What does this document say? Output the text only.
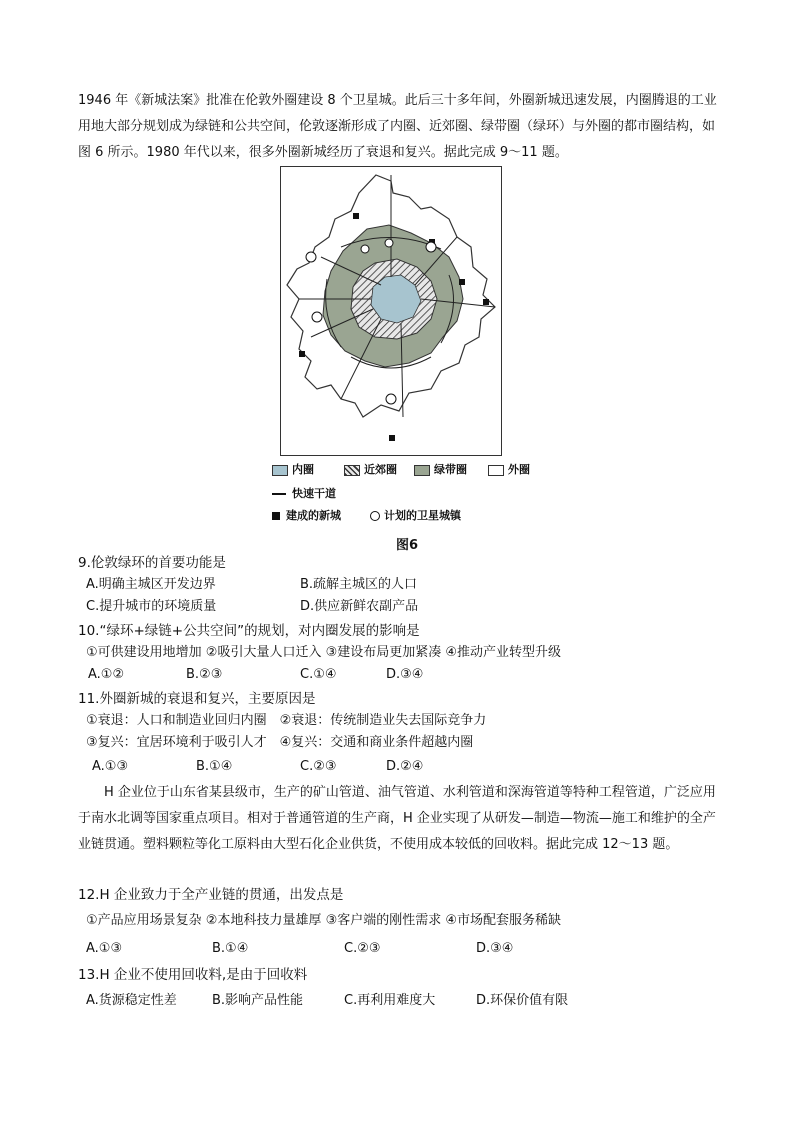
1946 年《新城法案》批准在伦敦外圈建设 8 个卫星城。此后三十多年间，外圈新城迅速发展，内圈腾退的工业用地大部分规划成为绿链和公共空间，伦敦逐渐形成了内圈、近郊圈、绿带圈（绿环）与外圈的都市圈结构，如图 6 所示。1980 年代以来，很多外圈新城经历了衰退和复兴。据此完成 9～11 题。
内圈	近郊圈	绿带圈	外圈
快速干道
建成的新城	计划的卫星城镇
图6
9.伦敦绿环的首要功能是
A.明确主城区开发边界	B.疏解主城区的人口
C.提升城市的环境质量	D.供应新鲜农副产品
10.“绿环+绿链+公共空间”的规划，对内圈发展的影响是
①可供建设用地增加 ②吸引大量人口迁入 ③建设布局更加紧凑 ④推动产业转型升级
A.①②	B.②③	C.①④	D.③④
11.外圈新城的衰退和复兴，主要原因是
①衰退：人口和制造业回归内圈　②衰退：传统制造业失去国际竞争力
③复兴：宜居环境利于吸引人才　④复兴：交通和商业条件超越内圈
A.①③	B.①④	C.②③	D.②④
H 企业位于山东省某县级市，生产的矿山管道、油气管道、水利管道和深海管道等特种工程管道，广泛应用于南水北调等国家重点项目。相对于普通管道的生产商，H 企业实现了从研发—制造—物流—施工和维护的全产业链贯通。塑料颗粒等化工原料由大型石化企业供货，不使用成本较低的回收料。据此完成 12～13 题。
12.H 企业致力于全产业链的贯通，出发点是
①产品应用场景复杂 ②本地科技力量雄厚 ③客户端的刚性需求 ④市场配套服务稀缺
A.①③	B.①④	C.②③	D.③④
13.H 企业不使用回收料,是由于回收料
A.货源稳定性差	B.影响产品性能	C.再利用难度大	D.环保价值有限
